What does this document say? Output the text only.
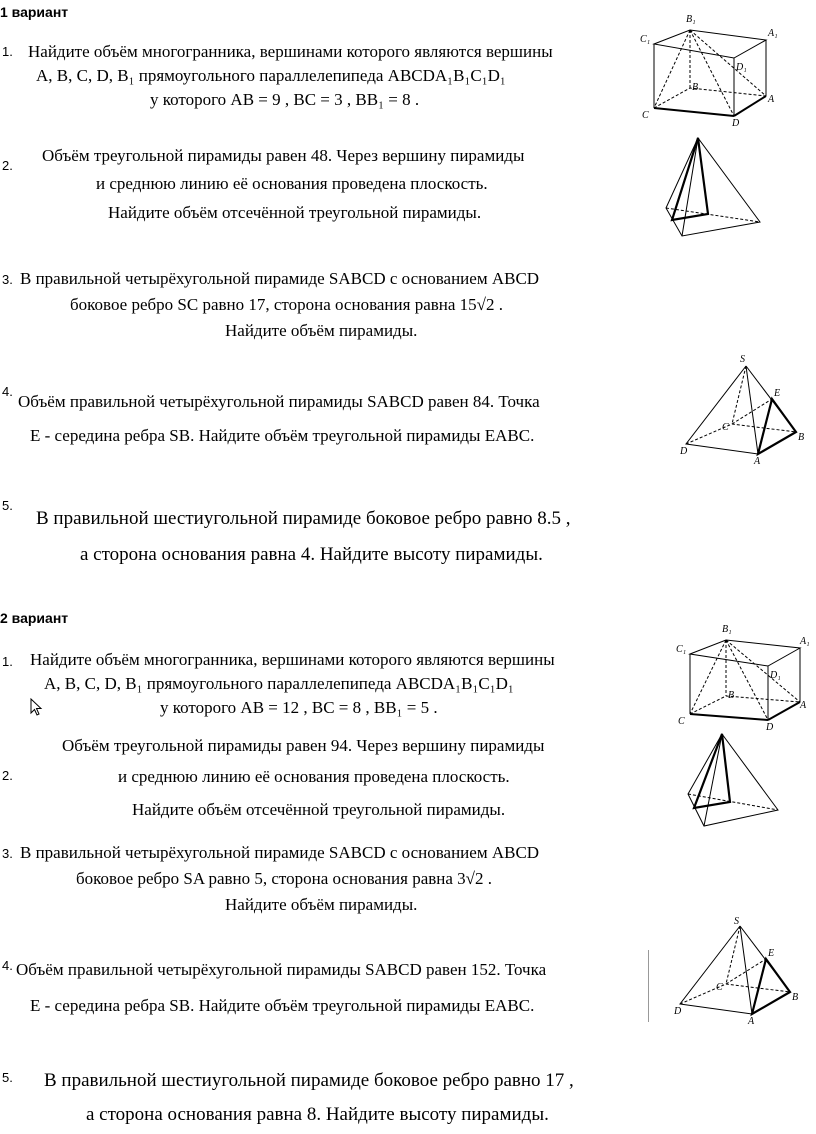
1 вариант
1. Найдите объём многогранника, вершинами которого являются вершины
A, B, C, D, B₁ прямоугольного параллелепипеда ABCDA₁B₁C₁D₁
у которого AB = 9 , BC = 3 , BB₁ = 8 .
2.
Объём треугольной пирамиды равен 48. Через вершину пирамиды
и среднюю линию её основания проведена плоскость.
Найдите объём отсечённой треугольной пирамиды.
3. В правильной четырёхугольной пирамиде SABCD с основанием ABCD
боковое ребро SC равно 17, сторона основания равна 15√2 .
Найдите объём пирамиды.
4.
Объём правильной четырёхугольной пирамиды SABCD равен 84. Точка
E - середина ребра SB. Найдите объём треугольной пирамиды EABC.
5.
В правильной шестиугольной пирамиде боковое ребро равно 8.5 ,
а сторона основания равна 4. Найдите высоту пирамиды.
2 вариант
1. Найдите объём многогранника, вершинами которого являются вершины
A, B, C, D, B₁ прямоугольного параллелепипеда ABCDA₁B₁C₁D₁
у которого AB = 12 , BC = 8 , BB₁ = 5 .
2.
Объём треугольной пирамиды равен 94. Через вершину пирамиды
и среднюю линию её основания проведена плоскость.
Найдите объём отсечённой треугольной пирамиды.
3. В правильной четырёхугольной пирамиде SABCD с основанием ABCD
боковое ребро SA равно 5, сторона основания равна 3√2 .
Найдите объём пирамиды.
4. Объём правильной четырёхугольной пирамиды SABCD равен 152. Точка
E - середина ребра SB. Найдите объём треугольной пирамиды EABC.
5. В правильной шестиугольной пирамиде боковое ребро равно 17 ,
а сторона основания равна 8. Найдите высоту пирамиды.
B₁
A₁
C₁
D₁
B
A
C
D
S
E
C
B
D
A
B₁
A₁
C₁
D₁
B
A
C
D
S
E
C
B
D
A
